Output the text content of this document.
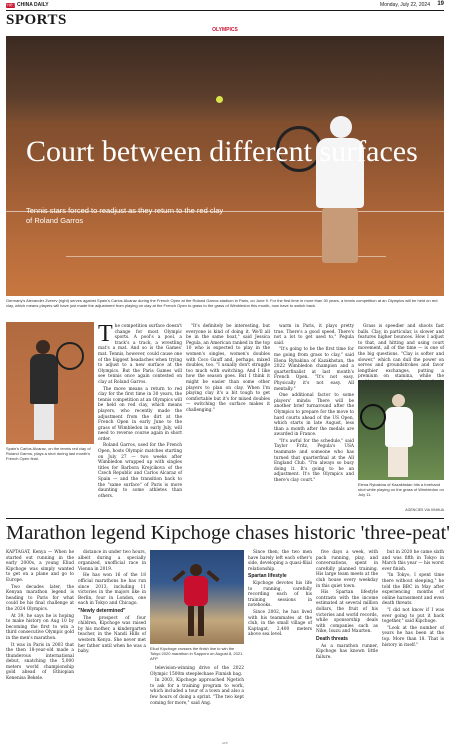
中國日 CHINA DAILY	Monday, July 22, 2024 19
SPORTS
OLYMPICS
Court between different surfaces
Tennis stars forced to readjust as they return to the red clay of Roland Garros
Germany's Alexander Zverev (right) serves against Spain's Carlos Alcaraz during the French Open at the Roland Garros stadium in Paris, on June 9. For the first time in more than 30 years, a tennis competition at an Olympics will be held on red clay, which means players will have just made the adjustment from playing on clay at the French Open to grass to the grass of Wimbledon this month, now have to switch back.
Spain's Carlos Alcaraz, on the tennis red clay of Roland Garros, plays a shot during last month's French Open final.

The competition surface doesn't change for most Olympic sports. A pool's a pool, a track's a track, a wrestling mat's a mat. And so is the Games' mat. Tennis, however, could cause one of the biggest headaches when trying to adjust to a new surface at the Olympics. But the Paris Games will see tennis once again contested on clay at Roland Garros.

The move means a return to red clay for the first time in 30 years, the tennis competition at an Olympics will be held on red clay, which means players, who recently made the adjustment from the dirt at the French Open in early June to the grass of Wimbledon in early July, will need to reverse course again in short order.

Roland Garros, used for the French Open, hosts Olympic matches starting on July 27 — two weeks after Wimbledon wrapped up with singles titles for Barbora Krejcikova of the Czech Republic and Carlos Alcaraz of Spain — and the transition back to the "same surface" of Paris is more daunting to some athletes than others.

"It's definitely be interesting, but everyone is kind of doing it. We'll all be in the same boat," said Jessica Pegula, an American ranked in the top 10 who is expected to play in the women's singles, women's doubles with Coco Gauff and, perhaps, mixed doubles, too. "I usually don't struggle too much with switching. And I like how the season goes. But I think it might be easier than some other players to plan on clay. When I'm playing clay it's a bit tough to get comfortable but it's for mixed doubles — switching the surface makes it challenging."

warm in Paris, it plays pretty true. There's a good speed. There's not a lot to get used to," Pegula said.

"It's going to be the first time for me going from grass to clay," said Elena Rybakina of Kazakhstan, the 2022 Wimbledon champion and a quarterfinalist at last month's French Open. "It's not easy. Physically it's not easy. All mentally."

One additional factor to some players' minds: There will be another brief turnaround after the Olympics to prepare for the move to hard courts ahead of the US Open, which starts in late August, less than a month after the medals are awarded in France.

"It's awful for the schedule," said Taylor Fritz, Pegula's USA teammate and someone who has turned that quarterfinal at the All England Club. "I'm always so busy doing it. It's going to be an adjustment. It's the Olympics and there's clay court."

Grass is speedier and shoots fast balls. Clay, in particular, is slower and features higher bounces. How I adjust to that, and hitting and using court movement, all of the time — is one of the big questions. "Clay is softer and slower," which can dull the power on serves and groundstrokes and favor lengthier exchanges, putting a premium on stamina, while the

Elena Rybakina of Kazakhstan hits a forehand shot while playing on the grass of Wimbledon on July 11.
AGENCIES VIA XINHUA
Marathon legend Kipchoge chases historic 'three-peat'

KAPTAGAT, Kenya — When he started out running in the early 2000s, a young Eliud Kipchoge was simply wanted to get on a plane and go to Europe.

Two decades later, the Kenyan marathon legend is heading to Paris for what could be his final challenge at the 2024 Olympics.

At 39, he says he is hoping to make history on Aug 10 by becoming the first to win a third consecutive Olympic gold in the men's marathon.

It was in Paris in 2003 that the then 18-year-old made a thunderous international debut, snatching the 5,000 meters world championship gold ahead of Ethiopian Kenenisa Bekele.

distance in under two hours, albeit during a specially organized, unofficial race in Vienna in 2019.

He has won 16 of the 18 official marathons he has run since 2013, including 11 victories in the majors like in Berlin, four in London, one each in Tokyo and Chicago.

"Newly determined"

The prospect of four children, Kipchoge was raised by his mother, a kindergarten teacher, in the Nandi Hills of western Kenya. She never met her father until when he was a baby.

Eliud Kipchoge crosses the finish line to win the Tokyo 2020 marathon in Sapporo on August 8, 2021. AFP

television-winning drive of the 2022 Olympic 1500m steeplechase Finnish bag.

In 2003, Kipchoge approached Ngetich to ask for a training program to work, which included a tour of a town and also a few hours of doing a sprint. "The two kept coming for more," said Ang.

Since then, the two men have barely left each other's side, developing a quasi-filial relationship.

Spartan lifestyle

Kipchoge devotes his life to running, carefully recording each of his training sessions in notebooks.

Since 2002, he has lived with his teammates at the club, in the small village of Kaptagat, 2,400 meters above sea level.

five days a week, with pack running, play, and conversations, spent in carefully planned training. His large team meets at the club house every weekday in this quiet town.

His Spartan lifestyle contrasts with the income estimated at several million dollars, the fruit of his victories and world records, while sponsorship deals with companies such as Nike, Isuzu and Maurten.

Death threats

As a marathon runner, Kipchoge has known little failure.

but in 2020 he came sixth and was fifth in Tokyo in March this year — his worst ever finish.

"In Tokyo, I spent time there without sleeping," he told the BBC in May after experiencing months of online harassment and even death threats.

"I did not know if I was ever going to put it back together," said Kipchoge.

"Look at the number of years he has been at the top. More than 18. That is history in itself."

AFP
